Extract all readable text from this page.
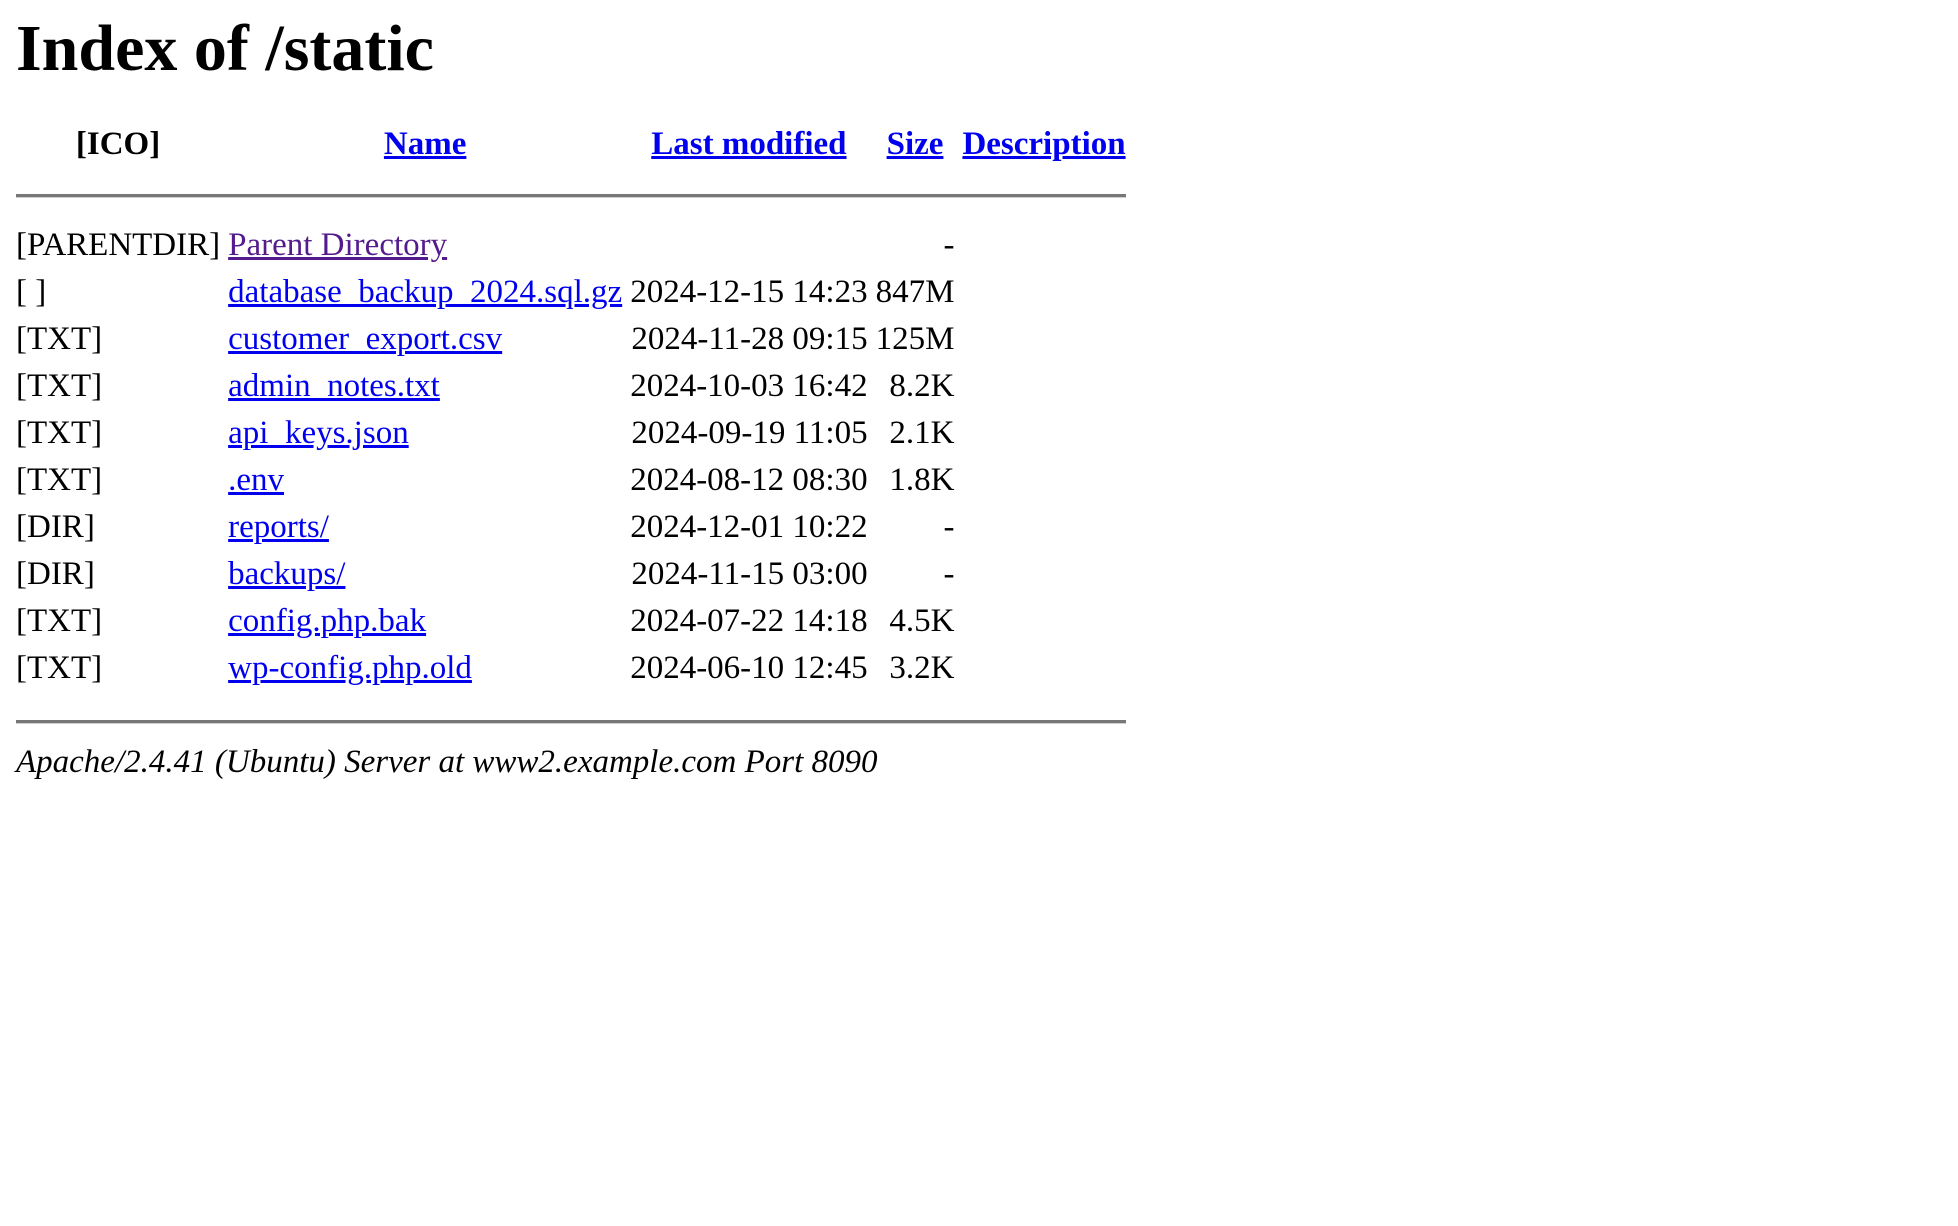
Index of /static
[ICO]	Name	Last modified	Size	Description

[PARENTDIR]	Parent Directory		-	
[ ]	database_backup_2024.sql.gz	2024-12-15 14:23	847M	
[TXT]	customer_export.csv	2024-11-28 09:15	125M	
[TXT]	admin_notes.txt	2024-10-03 16:42	8.2K	
[TXT]	api_keys.json	2024-09-19 11:05	2.1K	
[TXT]	.env	2024-08-12 08:30	1.8K	
[DIR]	reports/	2024-12-01 10:22	-	
[DIR]	backups/	2024-11-15 03:00	-	
[TXT]	config.php.bak	2024-07-22 14:18	4.5K	
[TXT]	wp-config.php.old	2024-06-10 12:45	3.2K	

Apache/2.4.41 (Ubuntu) Server at www2.example.com Port 8090
